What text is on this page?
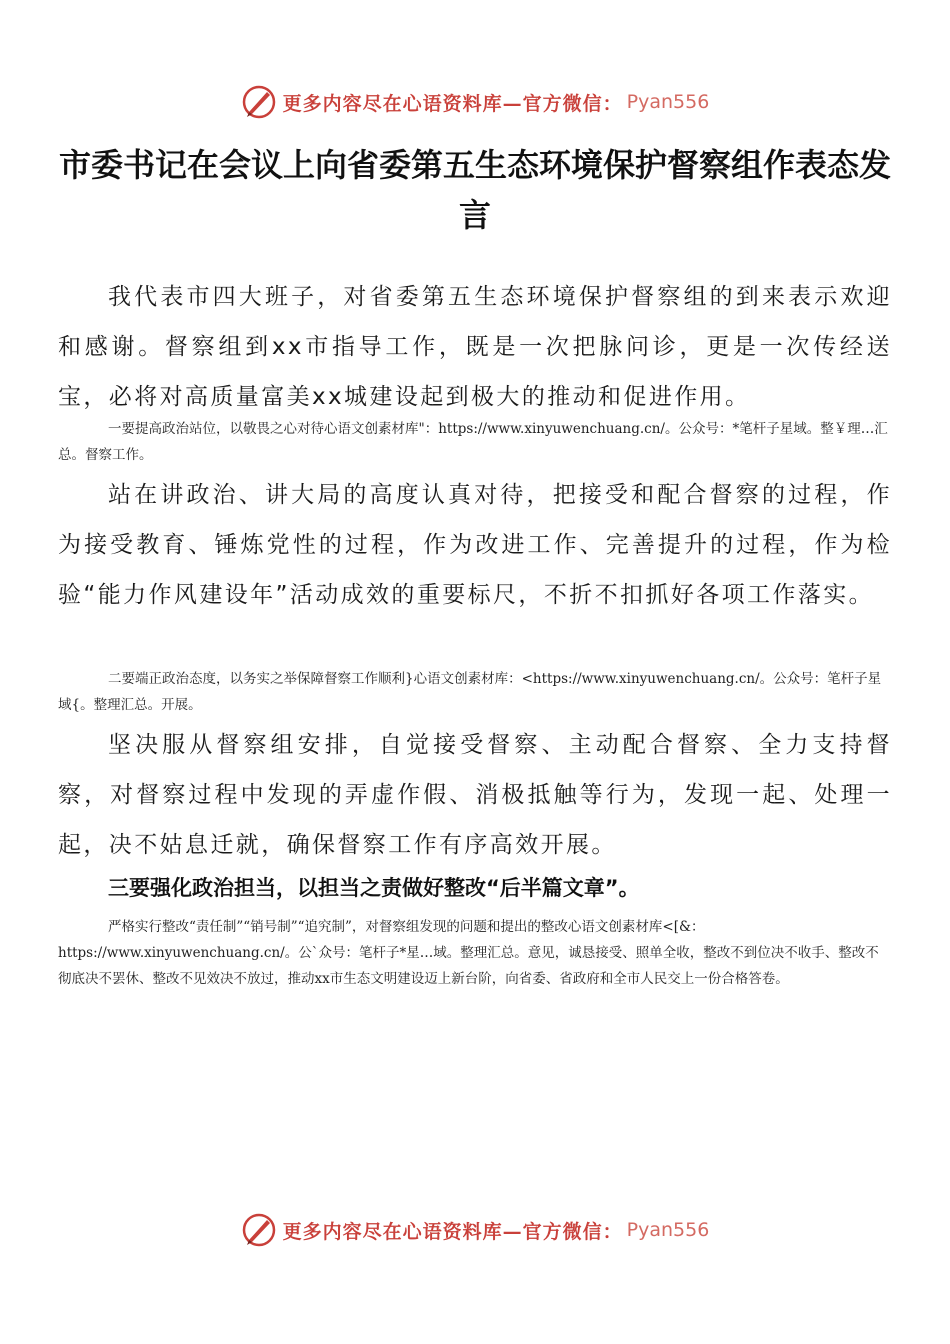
更多内容尽在心语资料库—官方微信： Pyan556
市委书记在会议上向省委第五生态环境保护督察组作表态发言
我代表市四大班子，对省委第五生态环境保护督察组的到来表示欢迎和感谢。督察组到xx市指导工作，既是一次把脉问诊，更是一次传经送宝，必将对高质量富美xx城建设起到极大的推动和促进作用。
一要提高政治站位，以敬畏之心对待心语文创素材库"：https://www.xinyuwenchuang.cn/。公众号：*笔杆子星域。整￥理…汇总。督察工作。
站在讲政治、讲大局的高度认真对待，把接受和配合督察的过程，作为接受教育、锤炼党性的过程，作为改进工作、完善提升的过程，作为检验“能力作风建设年”活动成效的重要标尺，不折不扣抓好各项工作落实。
二要端正政治态度，以务实之举保障督察工作顺利}心语文创素材库：<https://www.xinyuwenchuang.cn/。公众号：笔杆子星域{。整理汇总。开展。
坚决服从督察组安排，自觉接受督察、主动配合督察、全力支持督察，对督察过程中发现的弄虚作假、消极抵触等行为，发现一起、处理一起，决不姑息迁就，确保督察工作有序高效开展。
三要强化政治担当，以担当之责做好整改“后半篇文章”。
严格实行整改“责任制”“销号制”“追究制”，对督察组发现的问题和提出的整改心语文创素材库<[&：https://www.xinyuwenchuang.cn/。公`众号：笔杆子*星…域。整理汇总。意见，诚恳接受、照单全收，整改不到位决不收手、整改不彻底决不罢休、整改不见效决不放过，推动xx市生态文明建设迈上新台阶，向省委、省政府和全市人民交上一份合格答卷。
更多内容尽在心语资料库—官方微信： Pyan556
